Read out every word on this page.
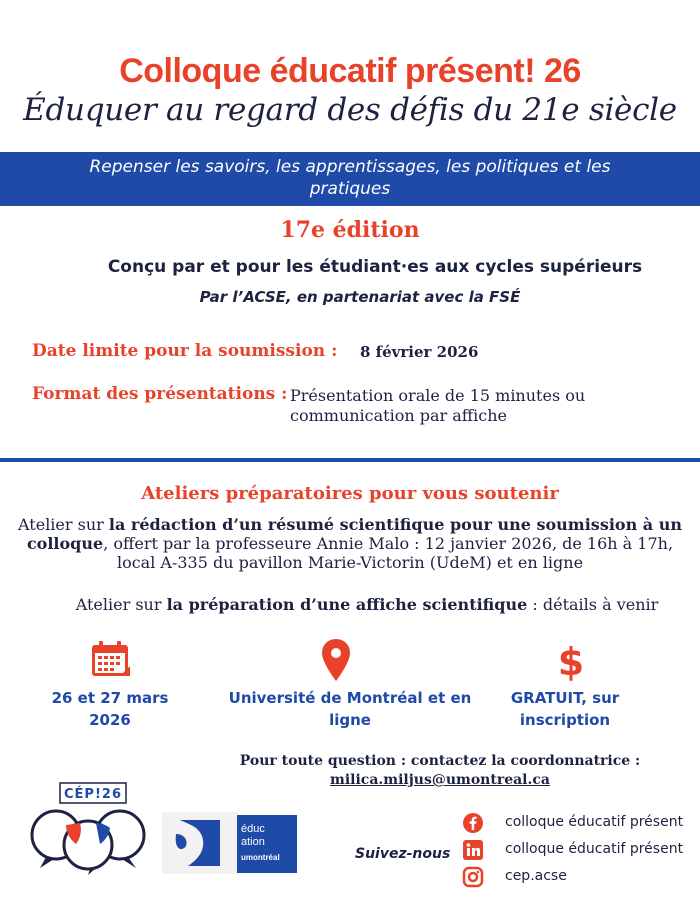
Colloque éducatif présent! 26
Éduquer au regard des défis du 21e siècle
Repenser les savoirs, les apprentissages, les politiques et les pratiques
17e édition
Conçu par et pour les étudiant·es aux cycles supérieurs
Par l’ACSE, en partenariat avec la FSÉ
Date limite pour la soumission : 8 février 2026
Format des présentations : Présentation orale de 15 minutes ou communication par affiche
Ateliers préparatoires pour vous soutenir
Atelier sur la rédaction d’un résumé scientifique pour une soumission à un colloque, offert par la professeure Annie Malo : 12 janvier 2026, de 16h à 17h, local A-335 du pavillon Marie-Victorin (UdeM) et en ligne
Atelier sur la préparation d’une affiche scientifique : détails à venir
$
26 et 27 mars 2026
Université de Montréal et en ligne
GRATUIT, sur inscription
Pour toute question : contactez la coordonnatrice :
milica.miljus@umontreal.ca
CÉP!26
éduc
ation
umontréal	Suivez-nous
colloque éducatif présent
colloque éducatif présent
cep.acse
